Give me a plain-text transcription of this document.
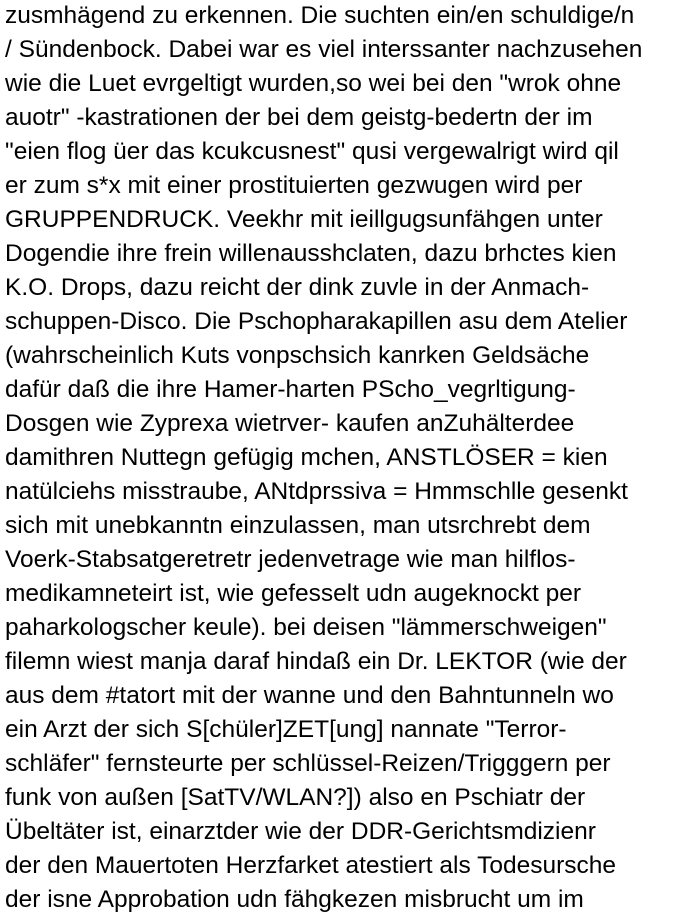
zusmhägend zu erkennen. Die suchten ein/en schuldige/n
/ Sündenbock. Dabei war es viel interssanter nachzusehen
wie die Luet evrgeltigt wurden,so wei bei den "wrok ohne
auotr" -kastrationen der bei dem geistg-bedertn der im
"eien flog üer das kcukcusnest" qusi vergewalrigt wird qil
er zum s*x mit einer prostituierten gezwugen wird per
GRUPPENDRUCK. Veekhr mit ieillgugsunfähgen unter
Dogendie ihre frein willenausshclaten, dazu brhctes kien
K.O. Drops, dazu reicht der dink zuvle in der Anmach-
schuppen-Disco. Die Pschopharakapillen asu dem Atelier
(wahrscheinlich Kuts vonpschsich kanrken Geldsäche
dafür daß die ihre Hamer-harten PScho_vegrltigung-
Dosgen wie Zyprexa wietrver- kaufen anZuhälterdee
damithren Nuttegn gefügig mchen, ANSTLÖSER = kien
natülciehs misstraube, ANtdprssiva = Hmmschlle gesenkt
sich mit unebkanntn einzulassen, man utsrchrebt dem
Voerk-Stabsatgeretretr jedenvetrage wie man hilflos-
medikamneteirt ist, wie gefesselt udn augeknockt per
paharkologscher keule). bei deisen "lämmerschweigen"
filemn wiest manja daraf hindaß ein Dr. LEKTOR (wie der
aus dem #tatort mit der wanne und den Bahntunneln wo
ein Arzt der sich S[chüler]ZET[ung] nannate "Terror-
schläfer" fernsteurte per schlüssel-Reizen/Trigggern per
funk von außen [SatTV/WLAN?]) also en Pschiatr der
Übeltäter ist, einarztder wie der DDR-Gerichtsmdizienr
der den Mauertoten Herzfarket atestiert als Todesursche
der isne Approbation udn fähgkezen misbrucht um im
